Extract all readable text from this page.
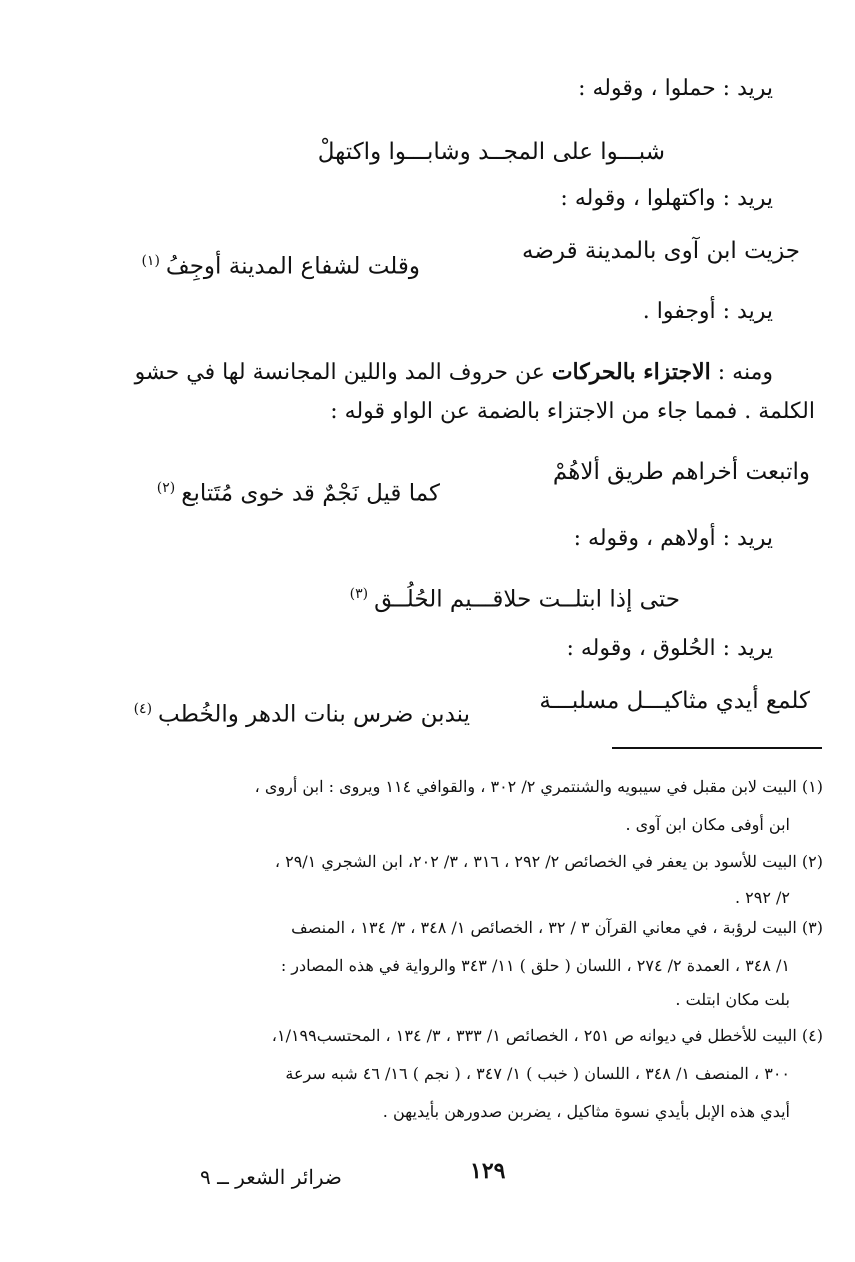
يريد : حملوا ، وقوله :
شبـــوا على المجــد وشابـــوا واكتهلْ
يريد : واكتهلوا ، وقوله :
جزيت ابن آوى بالمدينة قرضه
وقلت لشفاع المدينة أوجِفُ$^{(١)}$
يريد : أوجفوا .
ومنه : الاجتزاء بالحركات عن حروف المد واللين المجانسة لها في حشو
الكلمة . فمما جاء من الاجتزاء بالضمة عن الواو قوله :
واتبعت أخراهم طريق ألاهُمْ
كما قيل نَجْمٌ قد خوى مُتَتابع$^{(٢)}$
يريد : أولاهم ، وقوله :
حتى إذا ابتلــت حلاقـــيم الحُلُــق$^{(٣)}$
يريد : الحُلوق ، وقوله :
كلمع أيدي مثاكيـــل مسلبـــة
يندبن ضرس بنات الدهر والخُطب$^{(٤)}$
(١) البيت لابن مقبل في سيبويه والشنتمري ٢/ ٣٠٢ ، والقوافي ١١٤ ويروى : ابن أروى ،
ابن أوفى مكان ابن آوى .
(٢) البيت للأسود بن يعفر في الخصائص ٢/ ٢٩٢ ، ٣١٦ ، ٣/ ٢٠٢، ابن الشجري ٢٩/١ ،
٢/ ٢٩٢ .
(٣) البيت لرؤبة ، في معاني القرآن ٣ / ٣٢ ، الخصائص ١/ ٣٤٨ ، ٣/ ١٣٤ ، المنصف
١/ ٣٤٨ ، العمدة ٢/ ٢٧٤ ، اللسان ( حلق ) ١١/ ٣٤٣ والرواية في هذه المصادر :
بلت مكان ابتلت .
(٤) البيت للأخطل في ديوانه ص ٢٥١ ، الخصائص ١/ ٣٣٣ ، ٣/ ١٣٤ ، المحتسب١/١٩٩،
٣٠٠ ، المنصف ١/ ٣٤٨ ، اللسان ( خبب ) ١/ ٣٤٧ ، ( نجم ) ١٦/ ٤٦ شبه سرعة
أيدي هذه الإبل بأيدي نسوة مثاكيل ، يضربن صدورهن بأيديهن .
١٢٩
ضرائر الشعر ــ ٩
